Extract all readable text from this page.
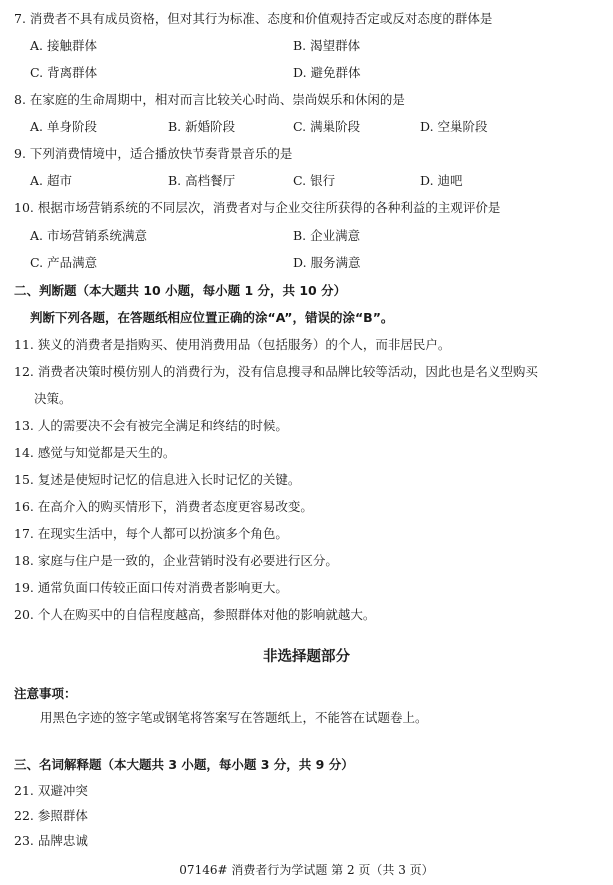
7. 消费者不具有成员资格，但对其行为标准、态度和价值观持否定或反对态度的群体是
A. 接触群体	B. 渴望群体
C. 背离群体	D. 避免群体
8. 在家庭的生命周期中，相对而言比较关心时尚、崇尚娱乐和休闲的是
A. 单身阶段	B. 新婚阶段	C. 满巢阶段	D. 空巢阶段
9. 下列消费情境中，适合播放快节奏背景音乐的是
A. 超市	B. 高档餐厅	C. 银行	D. 迪吧
10. 根据市场营销系统的不同层次，消费者对与企业交往所获得的各种利益的主观评价是
A. 市场营销系统满意	B. 企业满意
C. 产品满意	D. 服务满意
二、判断题（本大题共 10 小题，每小题 1 分，共 10 分）
判断下列各题，在答题纸相应位置正确的涂“A”，错误的涂“B”。
11. 狭义的消费者是指购买、使用消费用品（包括服务）的个人，而非居民户。
12. 消费者决策时模仿别人的消费行为，没有信息搜寻和品牌比较等活动，因此也是名义型购买
决策。
13. 人的需要决不会有被完全满足和终结的时候。
14. 感觉与知觉都是天生的。
15. 复述是使短时记忆的信息进入长时记忆的关键。
16. 在高介入的购买情形下，消费者态度更容易改变。
17. 在现实生活中，每个人都可以扮演多个角色。
18. 家庭与住户是一致的，企业营销时没有必要进行区分。
19. 通常负面口传较正面口传对消费者影响更大。
20. 个人在购买中的自信程度越高，参照群体对他的影响就越大。
非选择题部分
注意事项：
用黑色字迹的签字笔或钢笔将答案写在答题纸上，不能答在试题卷上。
三、名词解释题（本大题共 3 小题，每小题 3 分，共 9 分）
21. 双避冲突
22. 参照群体
23. 品牌忠诚
07146# 消费者行为学试题 第 2 页（共 3 页）
